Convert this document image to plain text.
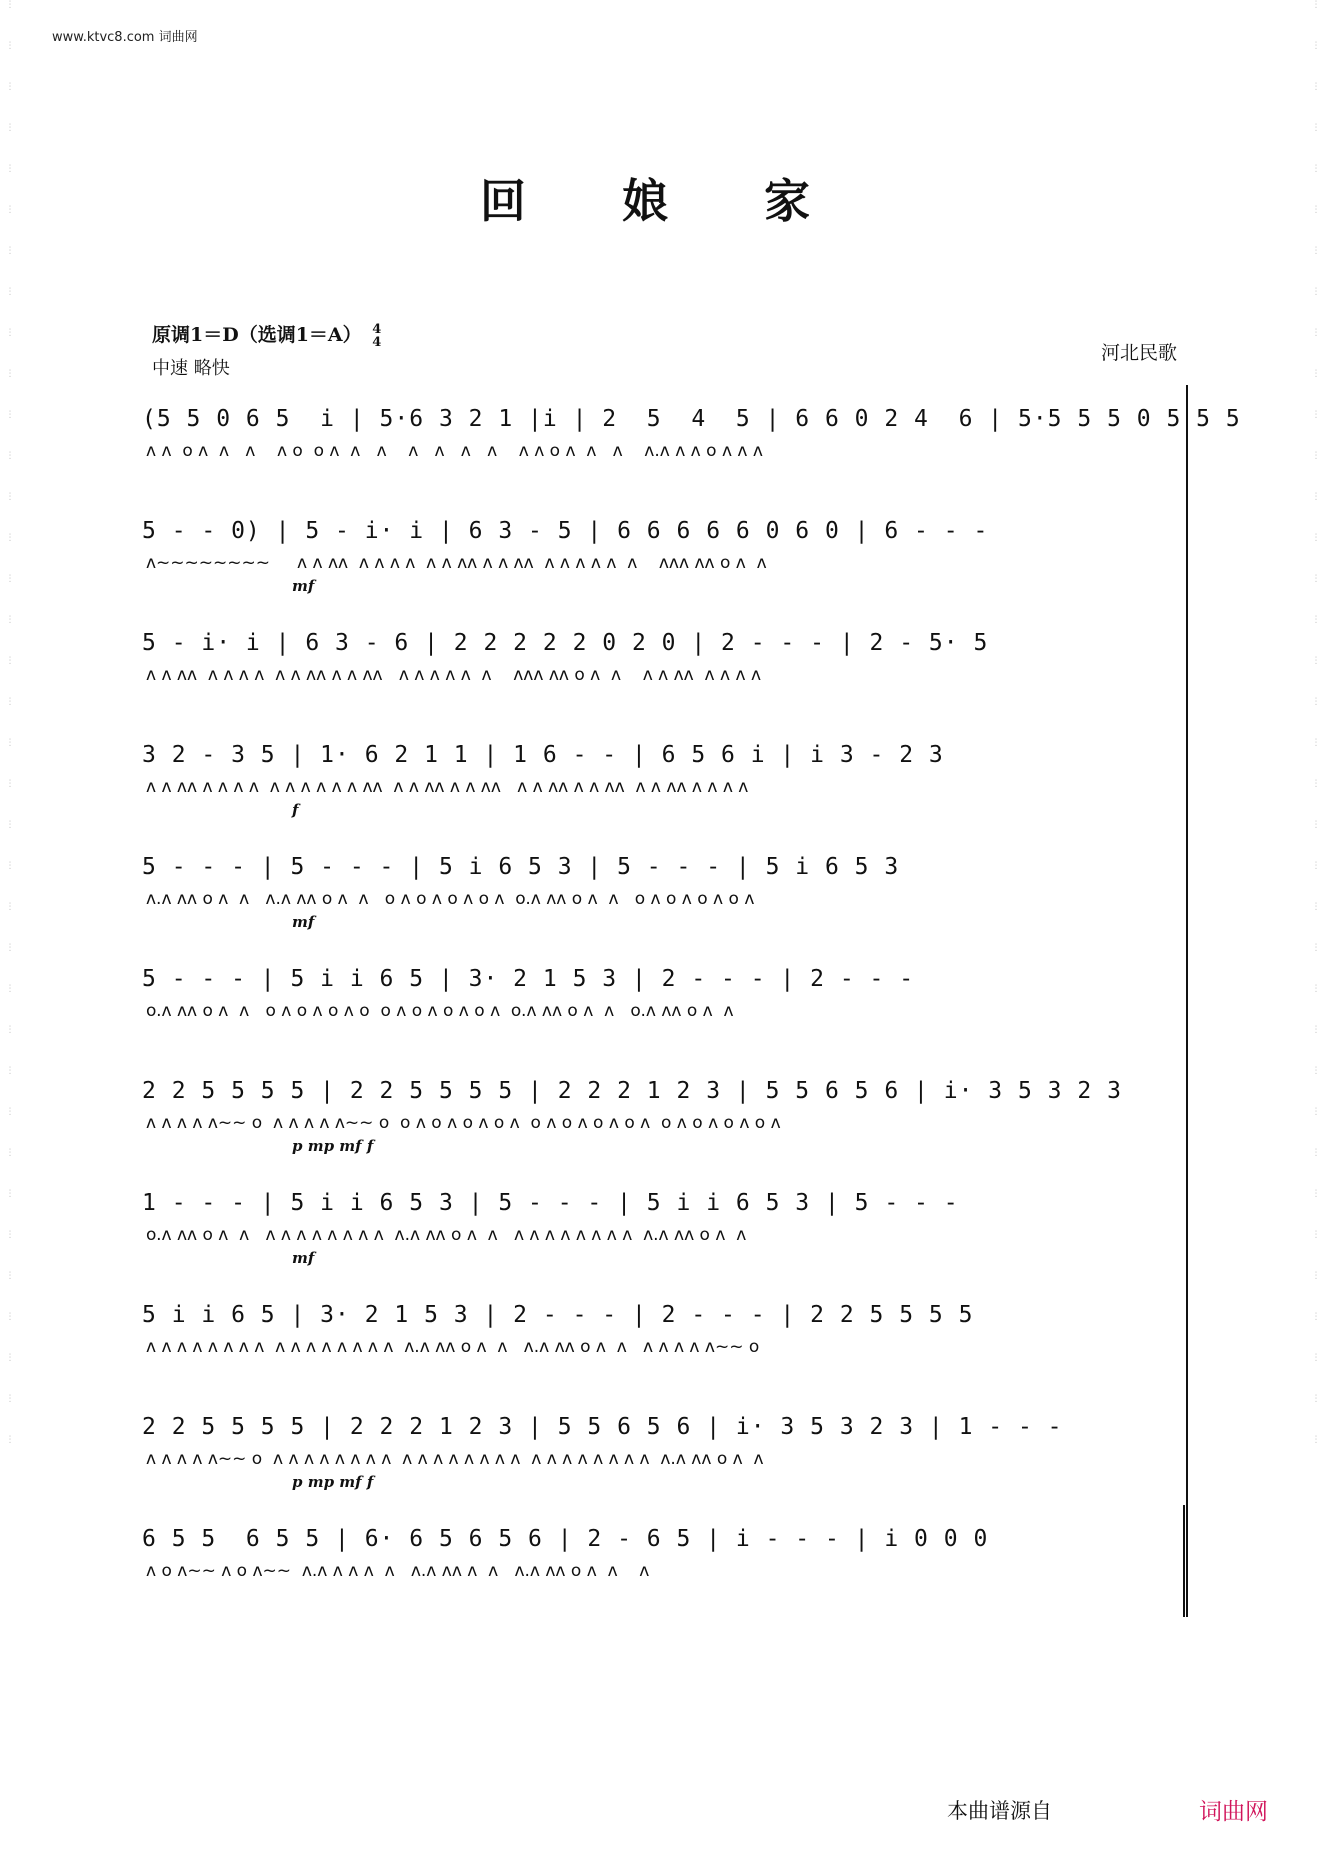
⋮
⋮
⋮
⋮
⋮
⋮
⋮
⋮
⋮
⋮
⋮
⋮
⋮
⋮
⋮
⋮
⋮
⋮
⋮
⋮
⋮
⋮
⋮
⋮
⋮
⋮
⋮
⋮
⋮
⋮
⋮
⋮
⋮
⋮
⋮
⋮
⋮
⋮
⋮
⋮
⋮
⋮
⋮
⋮
⋮
⋮
⋮
⋮
⋮
⋮
⋮
⋮
⋮
⋮
⋮
⋮
⋮
⋮
⋮
⋮
⋮
⋮
⋮
⋮
⋮
⋮
⋮
⋮
⋮
⋮
⋮
⋮
www.ktvc8.com 词曲网
回 娘 家
原调1＝D（选调1＝A） 4
4
中速 略快
河北民歌
(5 5 0 6 5  i | 5·6 3 2 1 |i | 2  5  4  5 | 6 6 0 2 4  6 | 5·5 5 5 0 5 5 5
ʌ ʌ  o ʌ  ʌ   ʌ    ʌ o  o ʌ  ʌ   ʌ    ʌ   ʌ   ʌ   ʌ    ʌ ʌ o ʌ  ʌ   ʌ    ʌ.ʌ ʌ ʌ o ʌ ʌ ʌ
5 - - 0) | 5 - i· i | 6 3 - 5 | 6 6 6 6 6 0 6 0 | 6 - - -
ʌ~~~~~~~~     ʌ ʌ ʌʌ  ʌ ʌ ʌ ʌ  ʌ ʌ ʌʌ ʌ ʌ ʌʌ  ʌ ʌ ʌ ʌ ʌ  ʌ    ʌʌʌ ʌʌ o ʌ  ʌ
mf
5 - i· i | 6 3 - 6 | 2 2 2 2 2 0 2 0 | 2 - - - | 2 - 5· 5
ʌ ʌ ʌʌ  ʌ ʌ ʌ ʌ  ʌ ʌ ʌʌ ʌ ʌ ʌʌ   ʌ ʌ ʌ ʌ ʌ  ʌ    ʌʌʌ ʌʌ o ʌ  ʌ    ʌ ʌ ʌʌ  ʌ ʌ ʌ ʌ
3 2 - 3 5 | 1· 6 2 1 1 | 1 6 - - | 6 5 6 i | i 3 - 2 3
ʌ ʌ ʌʌ ʌ ʌ ʌ ʌ  ʌ ʌ ʌ ʌ ʌ ʌ ʌʌ  ʌ ʌ ʌʌ ʌ ʌ ʌʌ   ʌ ʌ ʌʌ ʌ ʌ ʌʌ  ʌ ʌ ʌʌ ʌ ʌ ʌ ʌ
f
5 - - - | 5 - - - | 5 i 6 5 3 | 5 - - - | 5 i 6 5 3
ʌ.ʌ ʌʌ o ʌ  ʌ   ʌ.ʌ ʌʌ o ʌ  ʌ   o ʌ o ʌ o ʌ o ʌ  o.ʌ ʌʌ o ʌ  ʌ   o ʌ o ʌ o ʌ o ʌ
mf
5 - - - | 5 i i 6 5 | 3· 2 1 5 3 | 2 - - - | 2 - - -
o.ʌ ʌʌ o ʌ  ʌ   o ʌ o ʌ o ʌ o  o ʌ o ʌ o ʌ o ʌ  o.ʌ ʌʌ o ʌ  ʌ   o.ʌ ʌʌ o ʌ  ʌ
2 2 5 5 5 5 | 2 2 5 5 5 5 | 2 2 2 1 2 3 | 5 5 6 5 6 | i· 3 5 3 2 3
ʌ ʌ ʌ ʌ ʌ~~ o  ʌ ʌ ʌ ʌ ʌ~~ o  o ʌ o ʌ o ʌ o ʌ  o ʌ o ʌ o ʌ o ʌ  o ʌ o ʌ o ʌ o ʌ
p mp mf f
1 - - - | 5 i i 6 5 3 | 5 - - - | 5 i i 6 5 3 | 5 - - -
o.ʌ ʌʌ o ʌ  ʌ   ʌ ʌ ʌ ʌ ʌ ʌ ʌ ʌ  ʌ.ʌ ʌʌ o ʌ  ʌ   ʌ ʌ ʌ ʌ ʌ ʌ ʌ ʌ  ʌ.ʌ ʌʌ o ʌ  ʌ
mf
5 i i 6 5 | 3· 2 1 5 3 | 2 - - - | 2 - - - | 2 2 5 5 5 5
ʌ ʌ ʌ ʌ ʌ ʌ ʌ ʌ  ʌ ʌ ʌ ʌ ʌ ʌ ʌ ʌ  ʌ.ʌ ʌʌ o ʌ  ʌ   ʌ.ʌ ʌʌ o ʌ  ʌ   ʌ ʌ ʌ ʌ ʌ~~ o
2 2 5 5 5 5 | 2 2 2 1 2 3 | 5 5 6 5 6 | i· 3 5 3 2 3 | 1 - - -
ʌ ʌ ʌ ʌ ʌ~~ o  ʌ ʌ ʌ ʌ ʌ ʌ ʌ ʌ  ʌ ʌ ʌ ʌ ʌ ʌ ʌ ʌ  ʌ ʌ ʌ ʌ ʌ ʌ ʌ ʌ  ʌ.ʌ ʌʌ o ʌ  ʌ
p mp mf f
6 5 5  6 5 5 | 6· 6 5 6 5 6 | 2 - 6 5 | i - - - | i 0 0 0
ʌ o ʌ~~ ʌ o ʌ~~  ʌ.ʌ ʌ ʌ ʌ  ʌ   ʌ.ʌ ʌʌ ʌ  ʌ   ʌ.ʌ ʌʌ o ʌ  ʌ    ʌ
本曲谱源自	词曲网
